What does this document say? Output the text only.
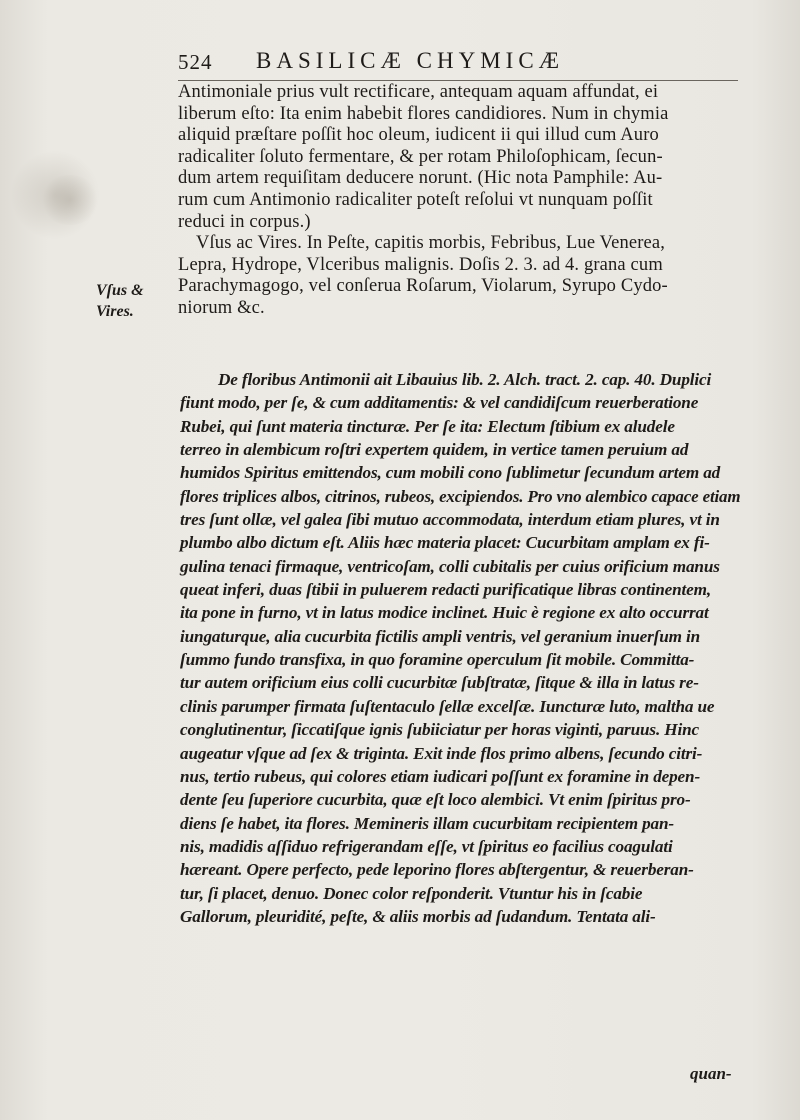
524 BASILICÆ CHYMICÆ
Antimoniale prius vult rectificare, antequam aquam affundat, ei
liberum eſto: Ita enim habebit flores candidiores. Num in chymia
aliquid præſtare poſſit hoc oleum, iudicent ii qui illud cum Auro
radicaliter ſoluto fermentare, & per rotam Philoſophicam, ſecun-
dum artem requiſitam deducere norunt. (Hic nota Pamphile: Au-
rum cum Antimonio radicaliter poteſt reſolui vt nunquam poſſit
reduci in corpus.)
Vſus ac Vires. In Peſte, capitis morbis, Febribus, Lue Venerea,
Lepra, Hydrope, Vlceribus malignis. Doſis 2. 3. ad 4. grana cum
Parachymagogo, vel conſerua Roſarum, Violarum, Syrupo Cydo-
niorum &c.
Vſus &
Vires.
De floribus Antimonii ait Libauius lib. 2. Alch. tract. 2. cap. 40. Duplici
fiunt modo, per ſe, & cum additamentis: & vel candidiſcum reuerberatione
Rubei, qui ſunt materia tincturæ. Per ſe ita: Electum ſtibium ex aludele
terreo in alembicum roſtri expertem quidem, in vertice tamen peruium ad
humidos Spiritus emittendos, cum mobili cono ſublimetur ſecundum artem ad
flores triplices albos, citrinos, rubeos, excipiendos. Pro vno alembico capace etiam
tres ſunt ollæ, vel galea ſibi mutuo accommodata, interdum etiam plures, vt in
plumbo albo dictum eſt. Aliis hæc materia placet: Cucurbitam amplam ex fi-
gulina tenaci firmaque, ventricoſam, colli cubitalis per cuius orificium manus
queat inferi, duas ſtibii in puluerem redacti purificatique libras continentem,
ita pone in furno, vt in latus modice inclinet. Huic è regione ex alto occurrat
iungaturque, alia cucurbita fictilis ampli ventris, vel geranium inuerſum in
ſummo fundo transfixa, in quo foramine operculum ſit mobile. Committa-
tur autem orificium eius colli cucurbitæ ſubſtratæ, ſitque & illa in latus re-
clinis parumper firmata ſuſtentaculo ſellæ excelſæ. Iuncturæ luto, maltha ue
conglutinentur, ſiccatiſque ignis ſubiiciatur per horas viginti, paruus. Hinc
augeatur vſque ad ſex & triginta. Exit inde flos primo albens, ſecundo citri-
nus, tertio rubeus, qui colores etiam iudicari poſſunt ex foramine in depen-
dente ſeu ſuperiore cucurbita, quæ eſt loco alembici. Vt enim ſpiritus pro-
diens ſe habet, ita flores. Memineris illam cucurbitam recipientem pan-
nis, madidis aſſiduo refrigerandam eſſe, vt ſpiritus eo facilius coagulati
hæreant. Opere perfecto, pede leporino flores abſtergentur, & reuerberan-
tur, ſi placet, denuo. Donec color reſponderit. Vtuntur his in ſcabie
Gallorum, pleuridité, peſte, & aliis morbis ad ſudandum. Tentata ali-
quan-
